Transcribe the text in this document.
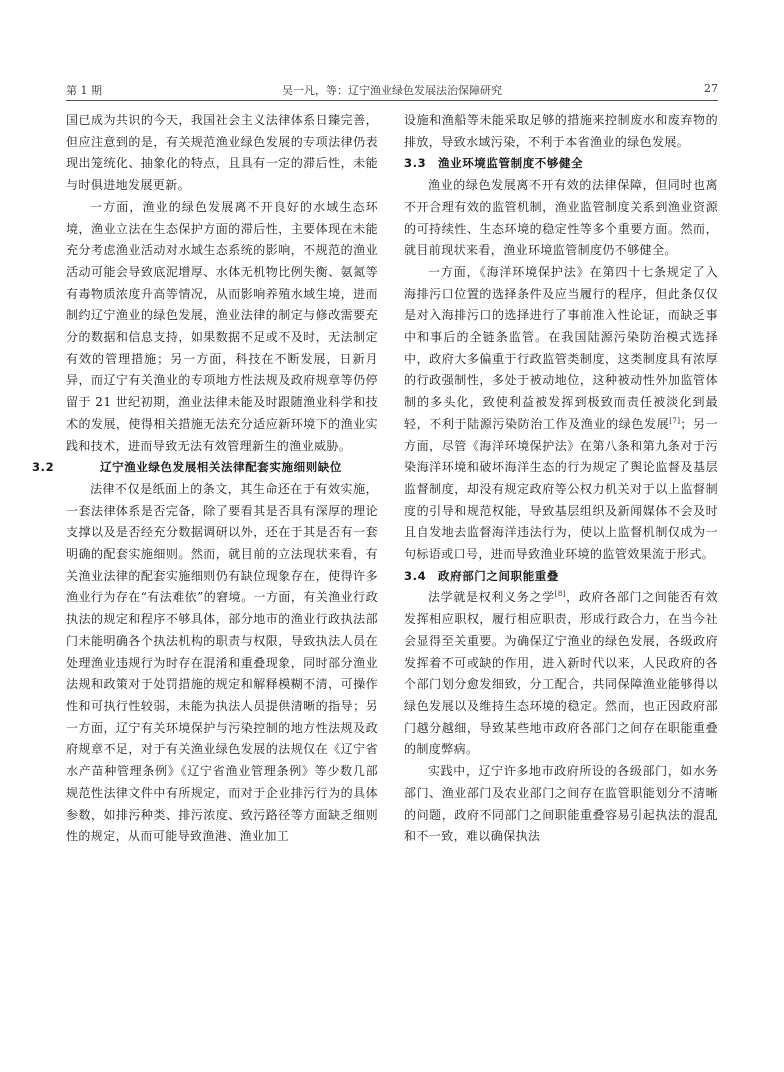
第 1 期	吴一凡，等：辽宁渔业绿色发展法治保障研究	27

国已成为共识的今天，我国社会主义法律体系日臻完善，但应注意到的是，有关规范渔业绿色发展的专项法律仍表现出笼统化、抽象化的特点，且具有一定的滞后性，未能与时俱进地发展更新。

一方面，渔业的绿色发展离不开良好的水域生态环境，渔业立法在生态保护方面的滞后性，主要体现在未能充分考虑渔业活动对水域生态系统的影响，不规范的渔业活动可能会导致底泥增厚、水体无机物比例失衡、氨氮等有毒物质浓度升高等情况，从而影响养殖水域生境，进而制约辽宁渔业的绿色发展，渔业法律的制定与修改需要充分的数据和信息支持，如果数据不足或不及时，无法制定有效的管理措施；另一方面，科技在不断发展，日新月异，而辽宁有关渔业的专项地方性法规及政府规章等仍停留于 21 世纪初期，渔业法律未能及时跟随渔业科学和技术的发展，使得相关措施无法充分适应新环境下的渔业实践和技术，进而导致无法有效管理新生的渔业威胁。

3.2	辽宁渔业绿色发展相关法律配套实施细则缺位

法律不仅是纸面上的条文，其生命还在于有效实施，一套法律体系是否完备，除了要看其是否具有深厚的理论支撑以及是否经充分数据调研以外，还在于其是否有一套明确的配套实施细则。然而，就目前的立法现状来看，有关渔业法律的配套实施细则仍有缺位现象存在，使得许多渔业行为存在“有法难依”的窘境。一方面，有关渔业行政执法的规定和程序不够具体，部分地市的渔业行政执法部门未能明确各个执法机构的职责与权限，导致执法人员在处理渔业违规行为时存在混淆和重叠现象，同时部分渔业法规和政策对于处罚措施的规定和解释模糊不清，可操作性和可执行性较弱，未能为执法人员提供清晰的指导；另一方面，辽宁有关环境保护与污染控制的地方性法规及政府规章不足，对于有关渔业绿色发展的法规仅在《辽宁省水产苗种管理条例》《辽宁省渔业管理条例》等少数几部规范性法律文件中有所规定，而对于企业排污行为的具体参数，如排污种类、排污浓度、致污路径等方面缺乏细则性的规定，从而可能导致渔港、渔业加工

设施和渔船等未能采取足够的措施来控制废水和废弃物的排放，导致水域污染，不利于本省渔业的绿色发展。

3.3 渔业环境监管制度不够健全

渔业的绿色发展离不开有效的法律保障，但同时也离不开合理有效的监管机制，渔业监管制度关系到渔业资源的可持续性、生态环境的稳定性等多个重要方面。然而，就目前现状来看，渔业环境监管制度仍不够健全。

一方面，《海洋环境保护法》在第四十七条规定了入海排污口位置的选择条件及应当履行的程序，但此条仅仅是对入海排污口的选择进行了事前准入性论证，而缺乏事中和事后的全链条监管。在我国陆源污染防治模式选择中，政府大多偏重于行政监管类制度，这类制度具有浓厚的行政强制性，多处于被动地位，这种被动性外加监管体制的多头化，致使利益被发挥到极致而责任被淡化到最轻，不利于陆源污染防治工作及渔业的绿色发展[7]；另一方面，尽管《海洋环境保护法》在第八条和第九条对于污染海洋环境和破坏海洋生态的行为规定了舆论监督及基层监督制度，却没有规定政府等公权力机关对于以上监督制度的引导和规范权能，导致基层组织及新闻媒体不会及时且自发地去监督海洋违法行为，使以上监督机制仅成为一句标语或口号，进而导致渔业环境的监管效果流于形式。

3.4 政府部门之间职能重叠

法学就是权利义务之学[8]，政府各部门之间能否有效发挥相应职权，履行相应职责，形成行政合力，在当今社会显得至关重要。为确保辽宁渔业的绿色发展，各级政府发挥着不可或缺的作用，进入新时代以来，人民政府的各个部门划分愈发细致，分工配合，共同保障渔业能够得以绿色发展以及维持生态环境的稳定。然而，也正因政府部门越分越细，导致某些地市政府各部门之间存在职能重叠的制度弊病。

实践中，辽宁许多地市政府所设的各级部门，如水务部门、渔业部门及农业部门之间存在监管职能划分不清晰的问题，政府不同部门之间职能重叠容易引起执法的混乱和不一致，难以确保执法
